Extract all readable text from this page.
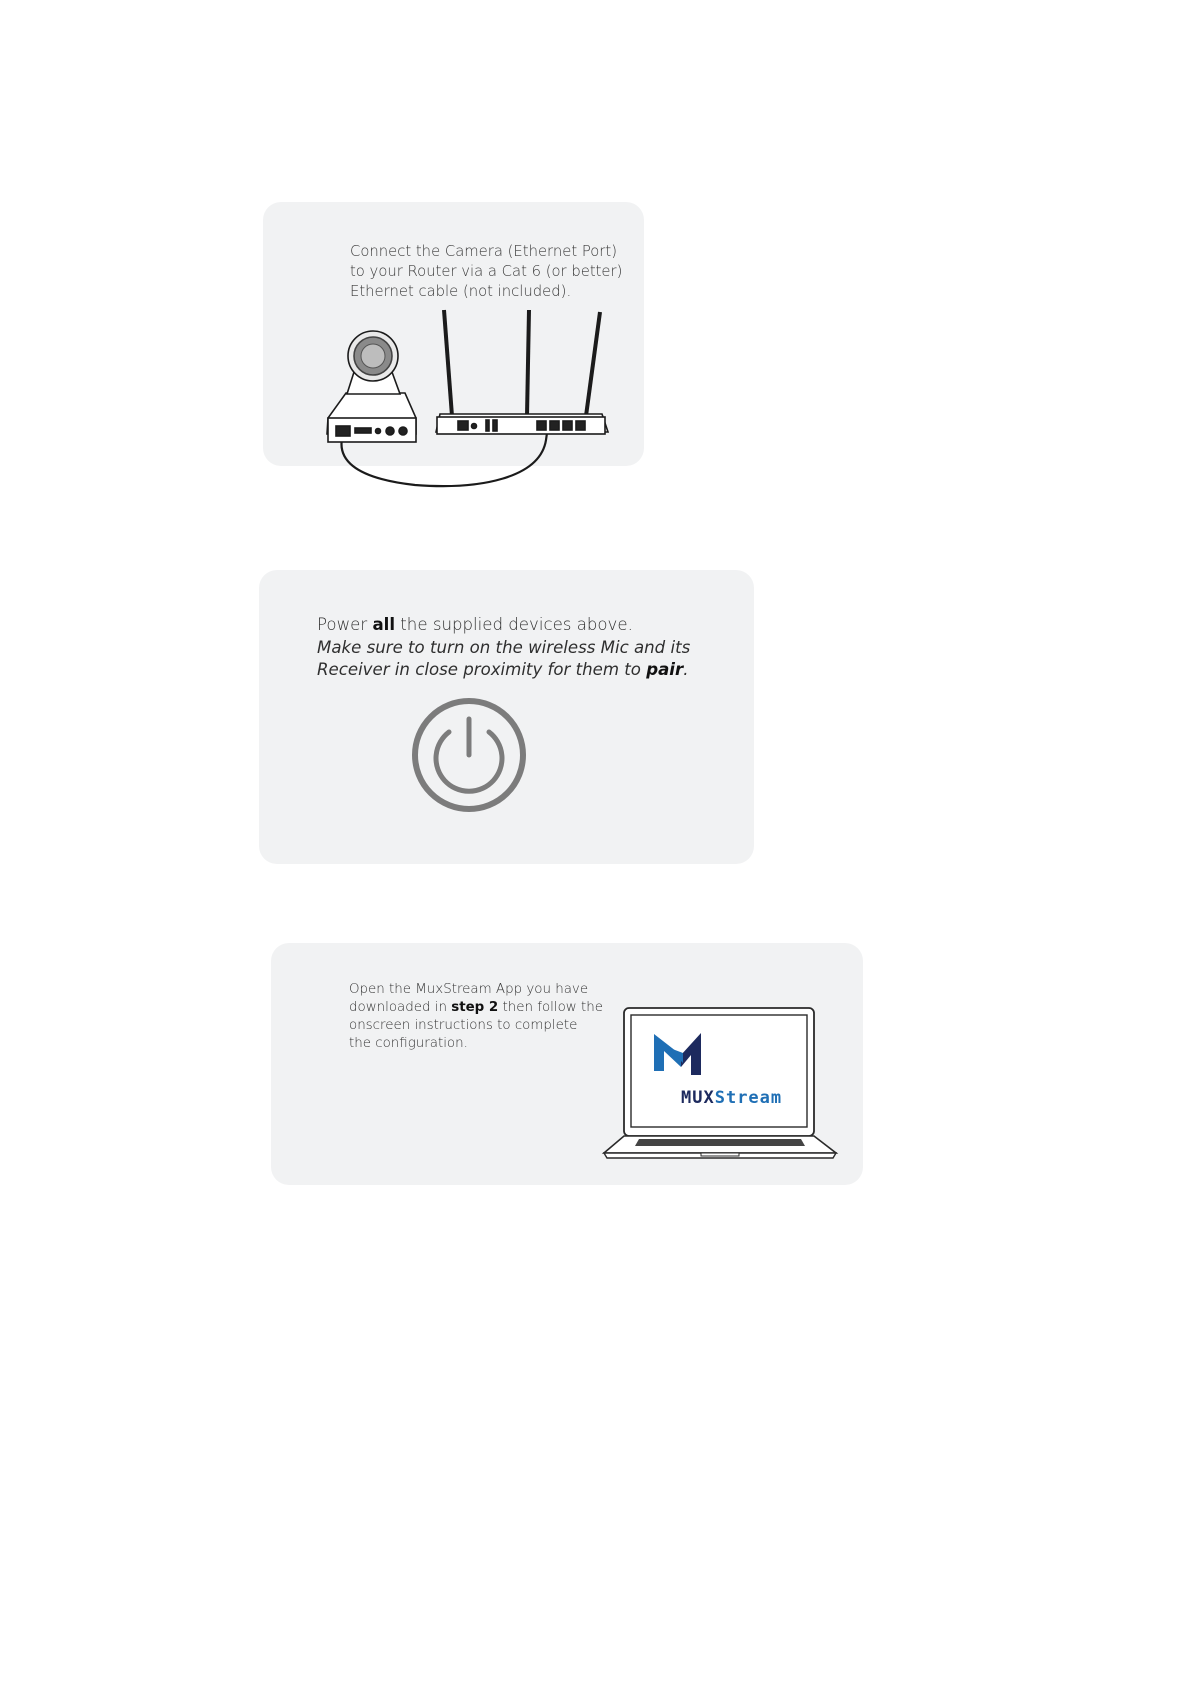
Connect the Camera (Ethernet Port)
to your Router via a Cat 6 (or better)
Ethernet cable (not included).

Power all the supplied devices above.
Make sure to turn on the wireless Mic and its
Receiver in close proximity for them to pair.

Open the MuxStream App you have
downloaded in step 2 then follow the
onscreen instructions to complete
the configuration.

MUXStream
